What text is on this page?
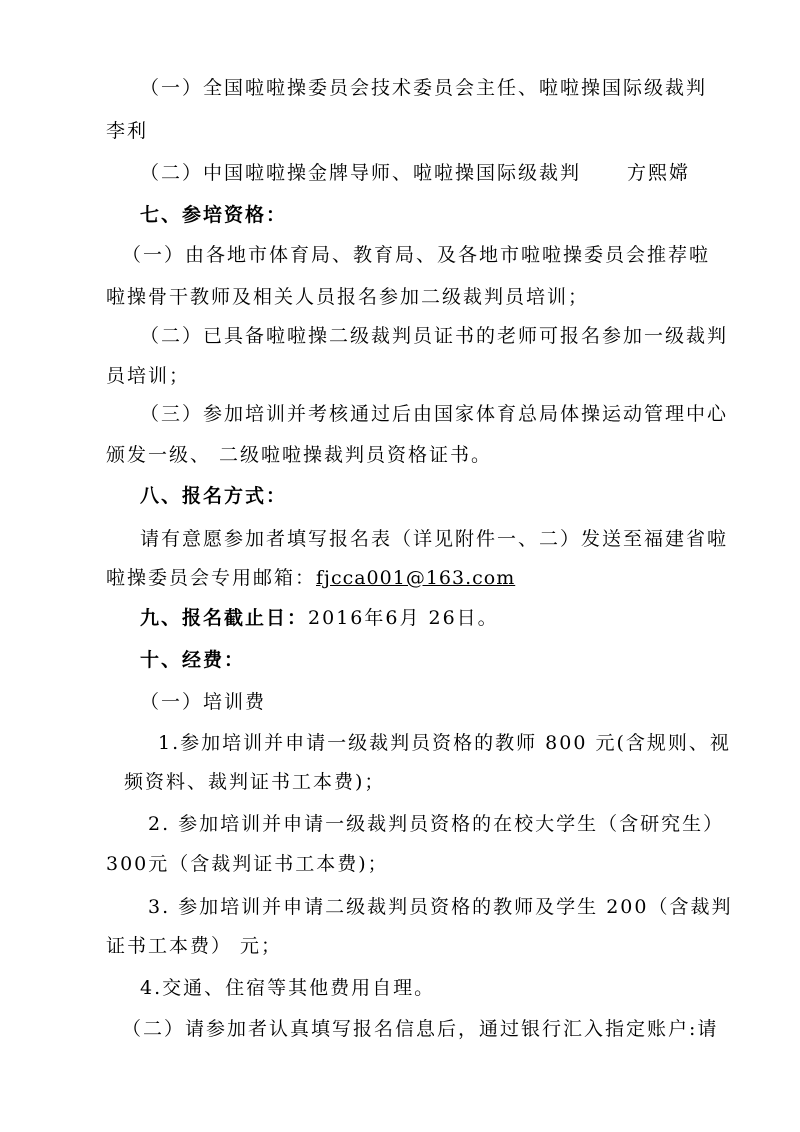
（一）全国啦啦操委员会技术委员会主任、啦啦操国际级裁判
李利
（二）中国啦啦操金牌导师、啦啦操国际级裁判 方熙嫦
七、参培资格：
（一）由各地市体育局、教育局、及各地市啦啦操委员会推荐啦
啦操骨干教师及相关人员报名参加二级裁判员培训；
（二）已具备啦啦操二级裁判员证书的老师可报名参加一级裁判
员培训；
（三）参加培训并考核通过后由国家体育总局体操运动管理中心
颁发一级、 二级啦啦操裁判员资格证书。
八、报名方式：
请有意愿参加者填写报名表（详见附件一、二）发送至福建省啦
啦操委员会专用邮箱：fjcca001@163.com
九、报名截止日：2016年6月 26日。
十、经费：
（一）培训费
1.参加培训并申请一级裁判员资格的教师 800 元(含规则、视
频资料、裁判证书工本费)；
2. 参加培训并申请一级裁判员资格的在校大学生（含研究生）
300元（含裁判证书工本费)；
3. 参加培训并申请二级裁判员资格的教师及学生 200（含裁判
证书工本费） 元；
4.交通、住宿等其他费用自理。
（二）请参加者认真填写报名信息后，通过银行汇入指定账户:请
